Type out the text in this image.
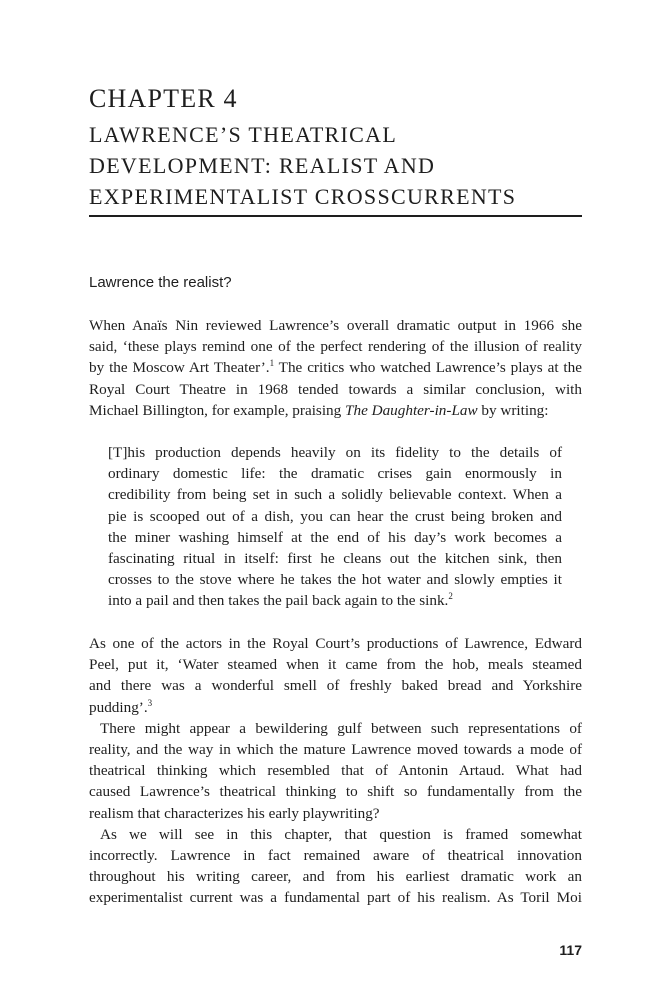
CHAPTER 4
LAWRENCE’S THEATRICAL
DEVELOPMENT: REALIST AND
EXPERIMENTALIST CROSSCURRENTS
Lawrence the realist?
When Anaïs Nin reviewed Lawrence’s overall dramatic output in 1966 she
said, ‘these plays remind one of the perfect rendering of the illusion of reality
by the Moscow Art Theater’.$^1$ The critics who watched Lawrence’s plays at the
Royal Court Theatre in 1968 tended towards a similar conclusion, with
Michael Billington, for example, praising The Daughter-in-Law by writing:
[T]his production depends heavily on its fidelity to the details of
ordinary domestic life: the dramatic crises gain enormously in
credibility from being set in such a solidly believable context. When a
pie is scooped out of a dish, you can hear the crust being broken and
the miner washing himself at the end of his day’s work becomes a
fascinating ritual in itself: first he cleans out the kitchen sink, then
crosses to the stove where he takes the hot water and slowly empties it
into a pail and then takes the pail back again to the sink.$^2$
As one of the actors in the Royal Court’s productions of Lawrence, Edward
Peel, put it, ‘Water steamed when it came from the hob, meals steamed
and there was a wonderful smell of freshly baked bread and Yorkshire
pudding’.$^3$
There might appear a bewildering gulf between such representations of
reality, and the way in which the mature Lawrence moved towards a mode of
theatrical thinking which resembled that of Antonin Artaud. What had
caused Lawrence’s theatrical thinking to shift so fundamentally from the
realism that characterizes his early playwriting?
As we will see in this chapter, that question is framed somewhat
incorrectly. Lawrence in fact remained aware of theatrical innovation
throughout his writing career, and from his earliest dramatic work an
experimentalist current was a fundamental part of his realism. As Toril Moi
117
